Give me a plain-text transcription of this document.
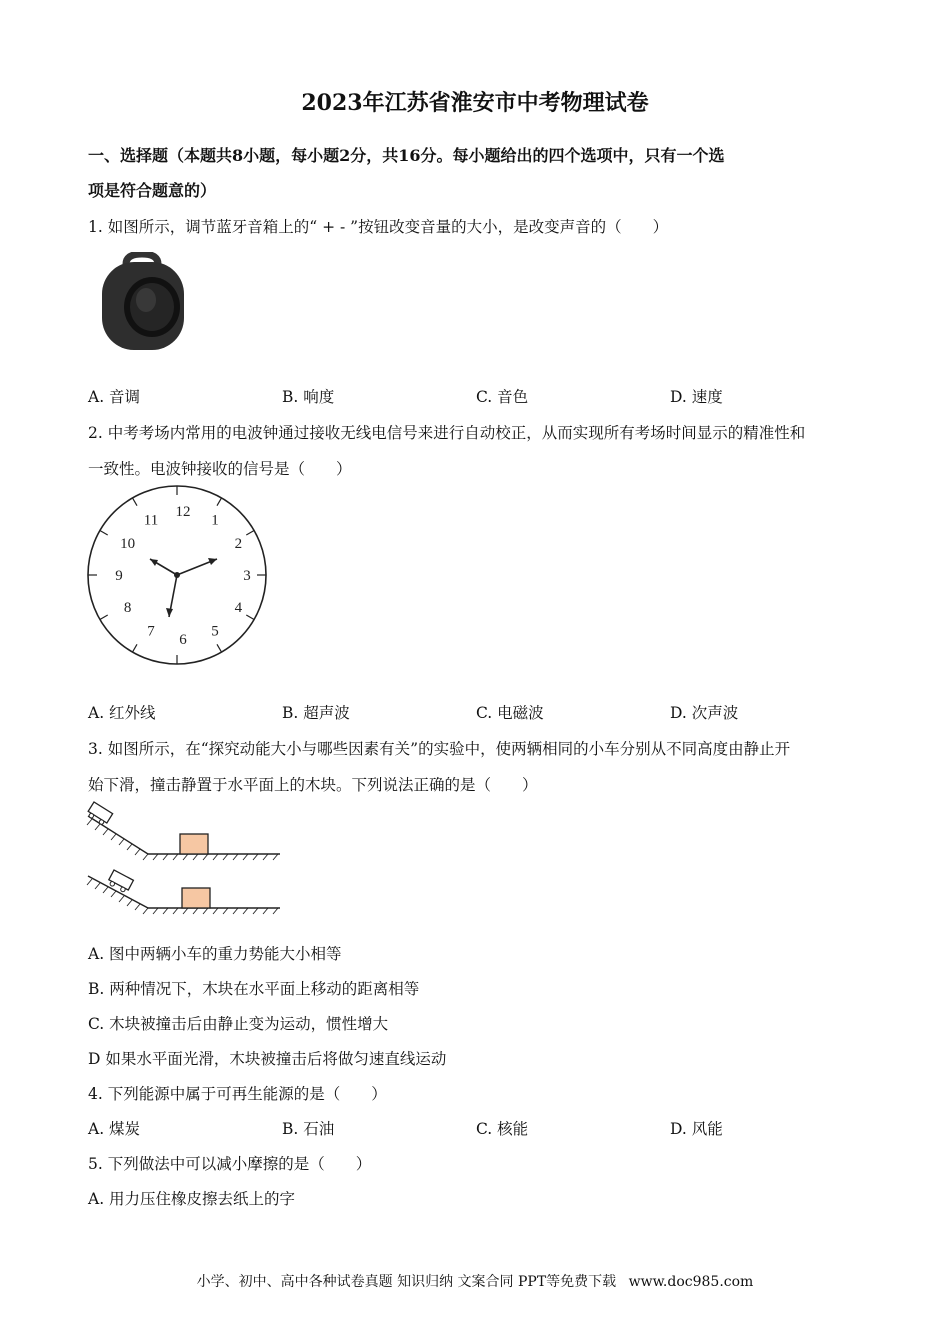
2023年江苏省淮安市中考物理试卷
一、选择题（本题共8小题，每小题2分，共16分。每小题给出的四个选项中，只有一个选
项是符合题意的）
1. 如图所示，调节蓝牙音箱上的“ + - ”按钮改变音量的大小，是改变声音的（　　）
A. 音调	B. 响度	C. 音色	D. 速度
2. 中考考场内常用的电波钟通过接收无线电信号来进行自动校正，从而实现所有考场时间显示的精准性和
一致性。电波钟接收的信号是（　　）
12
1
2
3
4
5
6
7
8
9
10
11
A. 红外线	B. 超声波	C. 电磁波	D. 次声波
3. 如图所示，在“探究动能大小与哪些因素有关”的实验中，使两辆相同的小车分别从不同高度由静止开
始下滑，撞击静置于水平面上的木块。下列说法正确的是（　　）
A. 图中两辆小车的重力势能大小相等
B. 两种情况下，木块在水平面上移动的距离相等
C. 木块被撞击后由静止变为运动，惯性增大
D 如果水平面光滑，木块被撞击后将做匀速直线运动
4. 下列能源中属于可再生能源的是（　　）
A. 煤炭	B. 石油	C. 核能	D. 风能
5. 下列做法中可以减小摩擦的是（　　）
A. 用力压住橡皮擦去纸上的字
小学、初中、高中各种试卷真题 知识归纳 文案合同 PPT等免费下载 www.doc985.com
